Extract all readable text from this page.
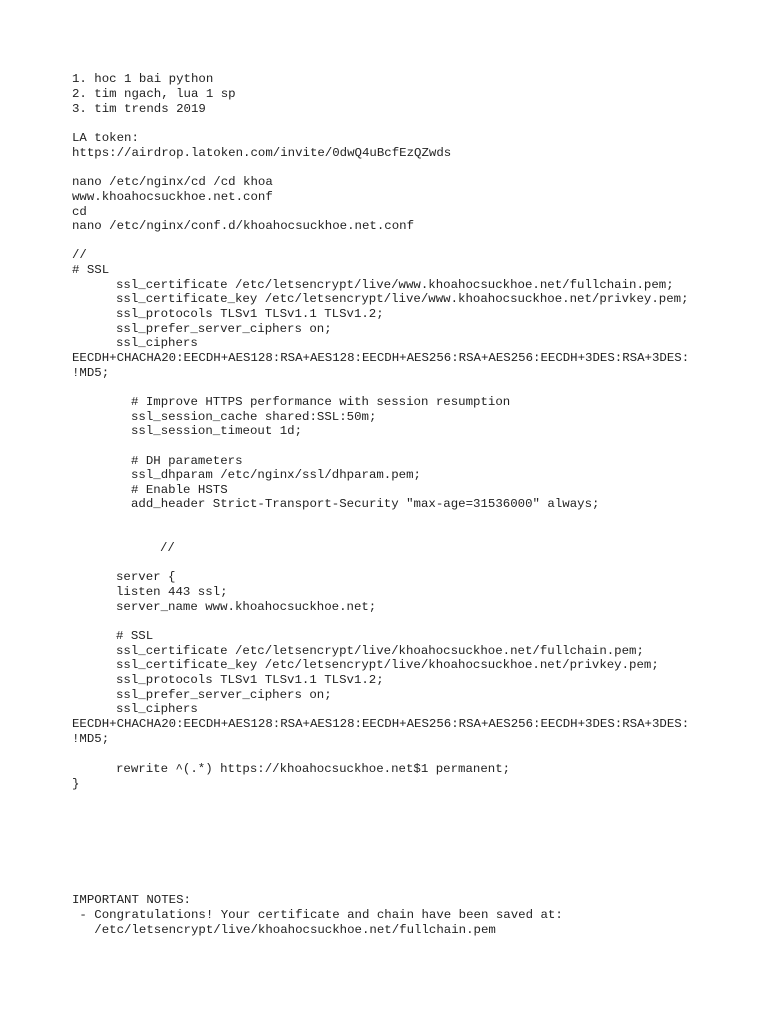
1. hoc 1 bai python
2. tim ngach, lua 1 sp
3. tim trends 2019
LA token:
https://airdrop.latoken.com/invite/0dwQ4uBcfEzQZwds
nano /etc/nginx/cd /cd khoa
www.khoahocsuckhoe.net.conf
cd
nano /etc/nginx/conf.d/khoahocsuckhoe.net.conf
//
# SSL
ssl_certificate /etc/letsencrypt/live/www.khoahocsuckhoe.net/fullchain.pem;
ssl_certificate_key /etc/letsencrypt/live/www.khoahocsuckhoe.net/privkey.pem;
ssl_protocols TLSv1 TLSv1.1 TLSv1.2;
ssl_prefer_server_ciphers on;
ssl_ciphers
EECDH+CHACHA20:EECDH+AES128:RSA+AES128:EECDH+AES256:RSA+AES256:EECDH+3DES:RSA+3DES:
!MD5;
# Improve HTTPS performance with session resumption
ssl_session_cache shared:SSL:50m;
ssl_session_timeout 1d;
# DH parameters
ssl_dhparam /etc/nginx/ssl/dhparam.pem;
# Enable HSTS
add_header Strict-Transport-Security "max-age=31536000" always;
//
server {
listen 443 ssl;
server_name www.khoahocsuckhoe.net;
# SSL
ssl_certificate /etc/letsencrypt/live/khoahocsuckhoe.net/fullchain.pem;
ssl_certificate_key /etc/letsencrypt/live/khoahocsuckhoe.net/privkey.pem;
ssl_protocols TLSv1 TLSv1.1 TLSv1.2;
ssl_prefer_server_ciphers on;
ssl_ciphers
EECDH+CHACHA20:EECDH+AES128:RSA+AES128:EECDH+AES256:RSA+AES256:EECDH+3DES:RSA+3DES:
!MD5;
rewrite ^(.*) https://khoahocsuckhoe.net$1 permanent;
}
IMPORTANT NOTES:
- Congratulations! Your certificate and chain have been saved at:
/etc/letsencrypt/live/khoahocsuckhoe.net/fullchain.pem
